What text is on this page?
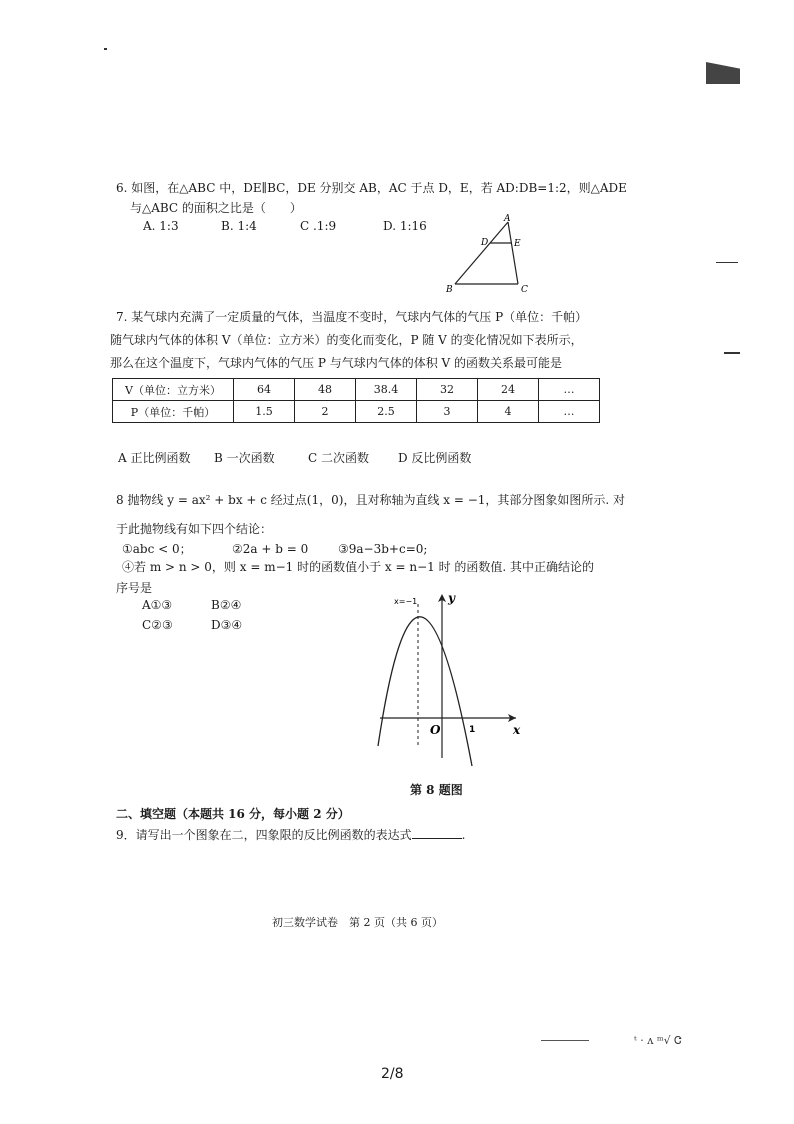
6. 如图，在△ABC 中，DE∥BC，DE 分别交 AB，AC 于点 D，E，若 AD:DB=1:2，则△ADE
与△ABC 的面积之比是（　　）
A. 1:3	B. 1:4	C .1:9	D. 1:16	A
D	E
B	C
7. 某气球内充满了一定质量的气体，当温度不变时，气球内气体的气压 P（单位：千帕）
随气球内气体的体积 V（单位：立方米）的变化而变化，P 随 V 的变化情况如下表所示，
那么在这个温度下，气球内气体的气压 P 与气球内气体的体积 V 的函数关系最可能是
V（单位：立方米）	64	48	38.4	32	24	…
P（单位：千帕）	1.5	2	2.5	3	4	…
A 正比例函数 B 一次函数	C 二次函数 D 反比例函数
8 抛物线 y = ax² + bx + c 经过点(1，0)，且对称轴为直线 x = −1，其部分图象如图所示. 对
于此抛物线有如下四个结论：
①abc < 0；	②2a + b = 0 ③9a−3b+c=0;
④若 m > n > 0，则 x = m−1 时的函数值小于 x = n−1 时 的函数值. 其中正确结论的
序号是
A①③	B②④
C②③	D③④
x=−1	y
x
O	1
第 8 题图
二、填空题（本题共 16 分，每小题 2 分）
9．请写出一个图象在二，四象限的反比例函数的表达式	.
初三数学试卷　第 2 页（共 6 页）
ᵗ · ʌ ᵐ√ Ꮳ
2/8
